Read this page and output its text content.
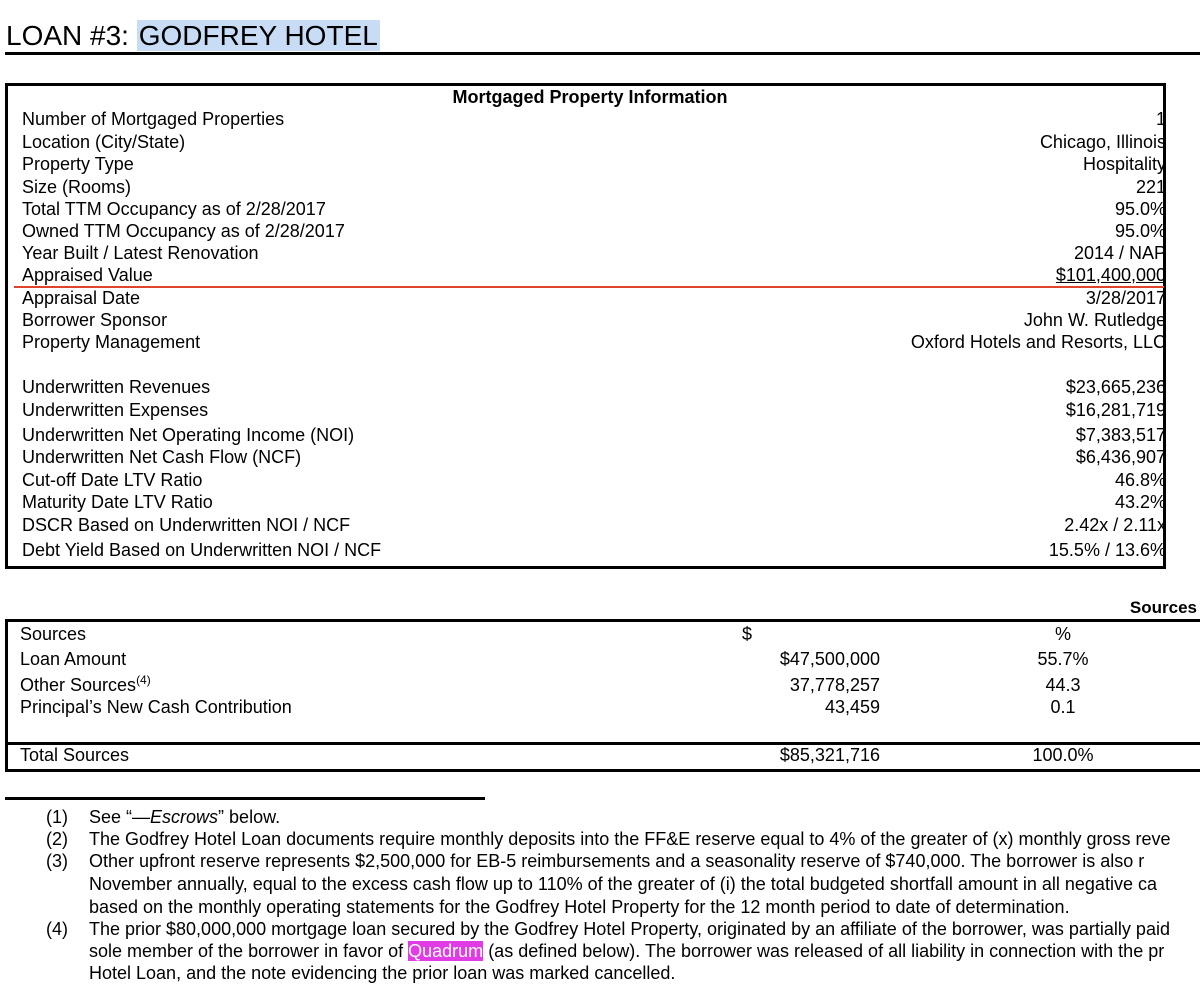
LOAN #3: GODFREY HOTEL
Mortgaged Property Information
Number of Mortgaged Properties	1
Location (City/State)	Chicago, Illinois
Property Type	Hospitality
Size (Rooms)	221
Total TTM Occupancy as of 2/28/2017	95.0%
Owned TTM Occupancy as of 2/28/2017	95.0%
Year Built / Latest Renovation	2014 / NAP
Appraised Value	$101,400,000
Appraisal Date	3/28/2017
Borrower Sponsor	John W. Rutledge
Property Management	Oxford Hotels and Resorts, LLC
Underwritten Revenues	$23,665,236
Underwritten Expenses	$16,281,719
Underwritten Net Operating Income (NOI)	$7,383,517
Underwritten Net Cash Flow (NCF)	$6,436,907
Cut-off Date LTV Ratio	46.8%
Maturity Date LTV Ratio	43.2%
DSCR Based on Underwritten NOI / NCF	2.42x / 2.11x
Debt Yield Based on Underwritten NOI / NCF	15.5% / 13.6%
Sources
Sources	$	%
Loan Amount	$47,500,000	55.7%
Other Sources$^{(4)}$	37,778,257	44.3
Principal’s New Cash Contribution	43,459	0.1
Total Sources	$85,321,716	100.0%
(1) See “—Escrows” below.
(2) The Godfrey Hotel Loan documents require monthly deposits into the FF&E reserve equal to 4% of the greater of (x) monthly gross reve
(3) Other upfront reserve represents $2,500,000 for EB-5 reimbursements and a seasonality reserve of $740,000. The borrower is also r
November annually, equal to the excess cash flow up to 110% of the greater of (i) the total budgeted shortfall amount in all negative ca
based on the monthly operating statements for the Godfrey Hotel Property for the 12 month period to date of determination.
(4) The prior $80,000,000 mortgage loan secured by the Godfrey Hotel Property, originated by an affiliate of the borrower, was partially paid
sole member of the borrower in favor of Quadrum (as defined below). The borrower was released of all liability in connection with the pr
Hotel Loan, and the note evidencing the prior loan was marked cancelled.
